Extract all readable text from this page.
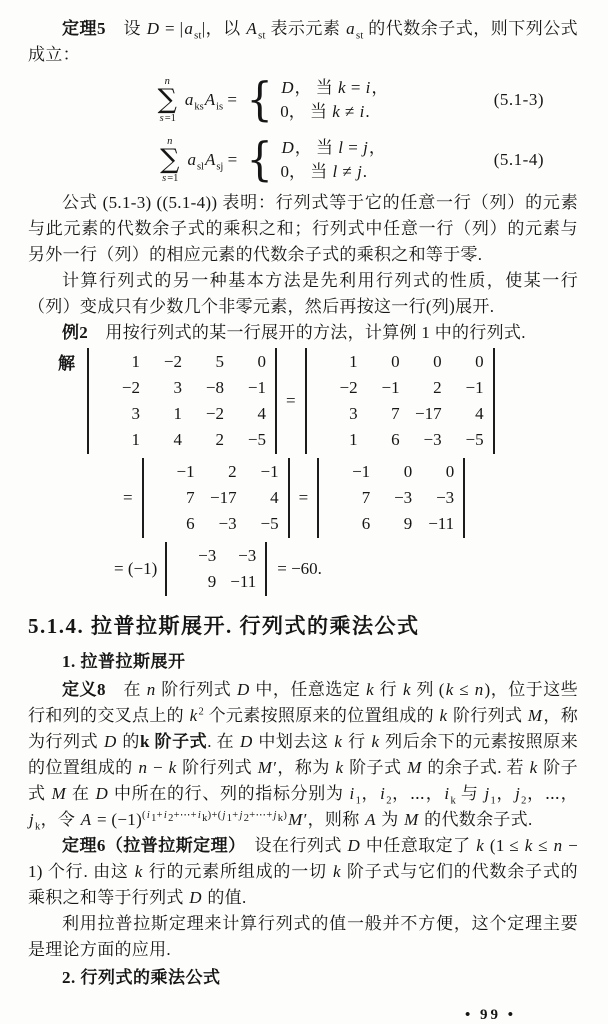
定理5　设 $D = |a_{st}|$，以 $A_{st}$ 表示元素 $a_{st}$ 的代数余子式，则下列公式成立：

n
∑
s=1
$a_{ks}A_{is}$ = { D， 当 k = i，
0， 当 k ≠ i.
(5.1-3)
n
∑
s=1
$a_{sl}A_{sj}$ = { D， 当 l = j，
0， 当 l ≠ j.
(5.1-4)

公式 (5.1-3) ((5.1-4)) 表明：行列式等于它的任意一行（列）的元素与此元素的代数余子式的乘积之和；行列式中任意一行（列）的元素与另外一行（列）的相应元素的代数余子式的乘积之和等于零.

计算行列式的另一种基本方法是先利用行列式的性质，使某一行（列）变成只有少数几个非零元素，然后再按这一行(列)展开.

例2　用按行列式的某一行展开的方法，计算例 1 中的行列式.

解	1	−2	5	0
−2	3	−8	−1
3	1	−2	4
1	4	2	−5
=
1	0	0	0
−2	−1	2	−1
3	7 −17	4
1	6	−3	−5
=
−1	2	−1
7 −17	4
6	−3	−5
=
−1	0	0
7	−3	−3
6	9 −11
= (−1)
−3	−3
9 −11
= −60.
5.1.4. 拉普拉斯展开. 行列式的乘法公式
1. 拉普拉斯展开

定义8　在 n 阶行列式 D 中，任意选定 k 行 k 列 (k ≤ n)，位于这些行和列的交叉点上的 $k^2$ 个元素按照原来的位置组成的 k 阶行列式 M，称为行列式 D 的k 阶子式. 在 D 中划去这 k 行 k 列后余下的元素按照原来的位置组成的 n − k 阶行列式 M′，称为 k 阶子式 M 的余子式. 若 k 阶子式 M 在 D 中所在的行、列的指标分别为 $i_1$，$i_2$，⋯，$i_k$ 与 $j_1$，$j_2$，⋯，$j_k$，令 $A = (-1)^{(i_1+i_2+\cdots+i_k)+(j_1+j_2+\cdots+j_k)}M'$，则称 A 为 M 的代数余子式.

定理6（拉普拉斯定理）　设在行列式 D 中任意取定了 k (1 ≤ k ≤ n − 1) 个行. 由这 k 行的元素所组成的一切 k 阶子式与它们的代数余子式的乘积之和等于行列式 D 的值.

利用拉普拉斯定理来计算行列式的值一般并不方便，这个定理主要是理论方面的应用.

2. 行列式的乘法公式
• 99 •
